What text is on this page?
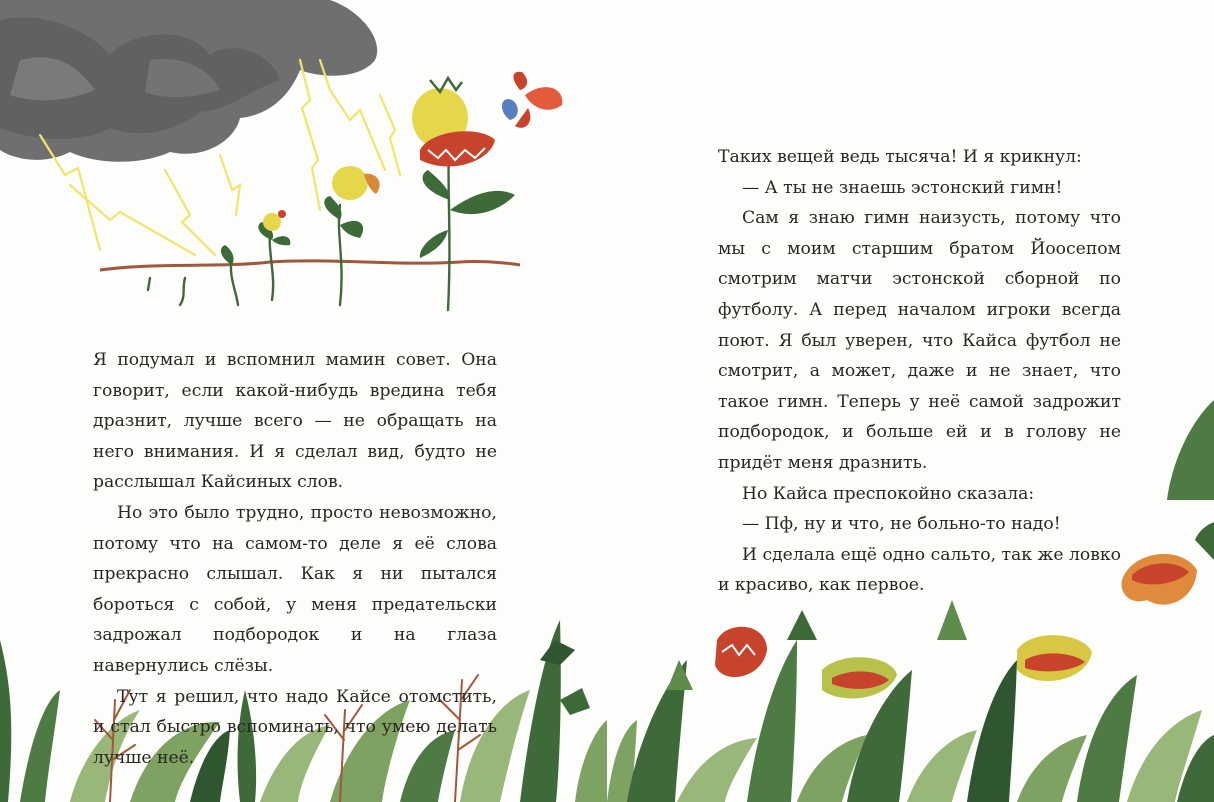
Я подумал и вспомнил мамин совет. Она говорит, если какой-нибудь вредина тебя дразнит, лучше всего — не обращать на него внимания. И я сделал вид, будто не расслышал Кайсиных слов.

Но это было трудно, просто невозможно, потому что на самом-то деле я её слова прекрасно слышал. Как я ни пытался бороться с собой, у меня предательски задрожал подбородок и на глаза навернулись слёзы.

Тут я решил, что надо Кайсе отомстить, и стал быстро вспоминать, что умею делать лучше неё.

Таких вещей ведь тысяча! И я крикнул:

— А ты не знаешь эстонский гимн!

Сам я знаю гимн наизусть, потому что мы с моим старшим братом Йоосепом смотрим матчи эстонской сборной по футболу. А перед началом игроки всегда поют. Я был уверен, что Кайса футбол не смотрит, а может, даже и не знает, что такое гимн. Теперь у неё самой задрожит подбородок, и больше ей и в голову не придёт меня дразнить.

Но Кайса преспокойно сказала:

— Пф, ну и что, не больно-то надо!

И сделала ещё одно сальто, так же ловко и красиво, как первое.
